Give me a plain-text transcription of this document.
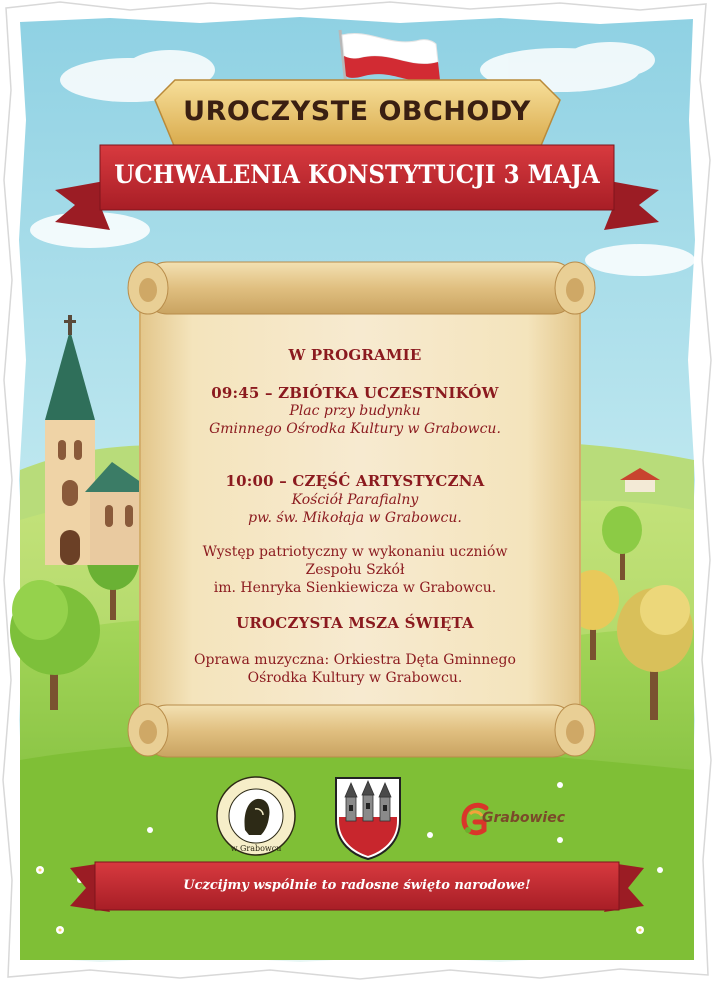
UROCZYSTE OBCHODY
UCHWALENIA KONSTYTUCJI 3 MAJA
W PROGRAMIE
09:45 – ZBIÓTKA UCZESTNIKÓW
Plac przy budynku
Gminnego Ośrodka Kultury w Grabowcu.
10:00 – CZĘŚĆ ARTYSTYCZNA
Kościół Parafialny
pw. św. Mikołaja w Grabowcu.
Występ patriotyczny w wykonaniu uczniów
Zespołu Szkół
im. Henryka Sienkiewicza w Grabowcu.
UROCZYSTA MSZA ŚWIĘTA
Oprawa muzyczna: Orkiestra Dęta Gminnego
Ośrodka Kultury w Grabowcu.
w Grabowcu
Grabowiec
Uczcijmy wspólnie to radosne święto narodowe!
